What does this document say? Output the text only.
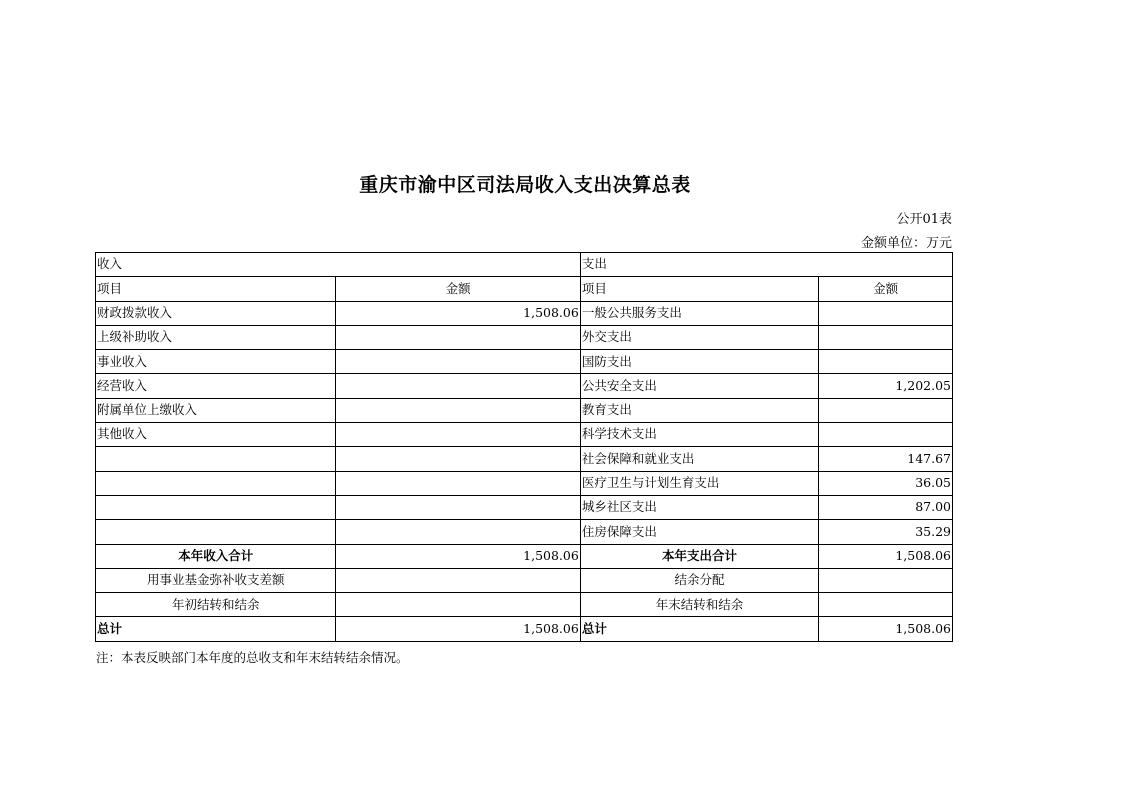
重庆市渝中区司法局收入支出决算总表
公开01表
金额单位：万元
收入		支出	
项目	金额	项目	金额
财政拨款收入	1,508.06	一般公共服务支出	
上级补助收入		外交支出	
事业收入		国防支出	
经营收入		公共安全支出	1,202.05
附属单位上缴收入		教育支出	
其他收入		科学技术支出	
		社会保障和就业支出	147.67
		医疗卫生与计划生育支出	36.05
		城乡社区支出	87.00
		住房保障支出	35.29
本年收入合计	1,508.06	本年支出合计	1,508.06
用事业基金弥补收支差额		结余分配	
年初结转和结余		年末结转和结余	
总计	1,508.06	总计	1,508.06
注：本表反映部门本年度的总收支和年末结转结余情况。
